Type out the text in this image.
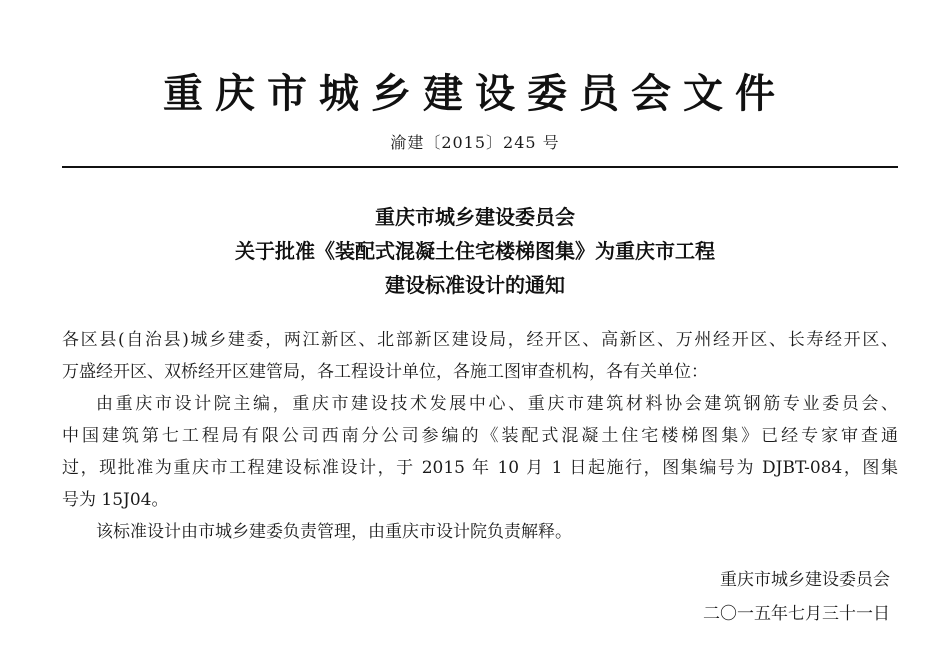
重庆市城乡建设委员会文件
渝建〔2015〕245 号
重庆市城乡建设委员会
关于批准《装配式混凝土住宅楼梯图集》为重庆市工程
建设标准设计的通知
各区县(自治县)城乡建委，两江新区、北部新区建设局，经开区、高新区、万州经开区、长寿经开区、
万盛经开区、双桥经开区建管局，各工程设计单位，各施工图审查机构，各有关单位：
由重庆市设计院主编，重庆市建设技术发展中心、重庆市建筑材料协会建筑钢筋专业委员会、
中国建筑第七工程局有限公司西南分公司参编的《装配式混凝土住宅楼梯图集》已经专家审查通
过，现批准为重庆市工程建设标准设计，于 2015 年 10 月 1 日起施行，图集编号为 DJBT-084，图集
号为 15J04。
该标准设计由市城乡建委负责管理，由重庆市设计院负责解释。
重庆市城乡建设委员会
二〇一五年七月三十一日
